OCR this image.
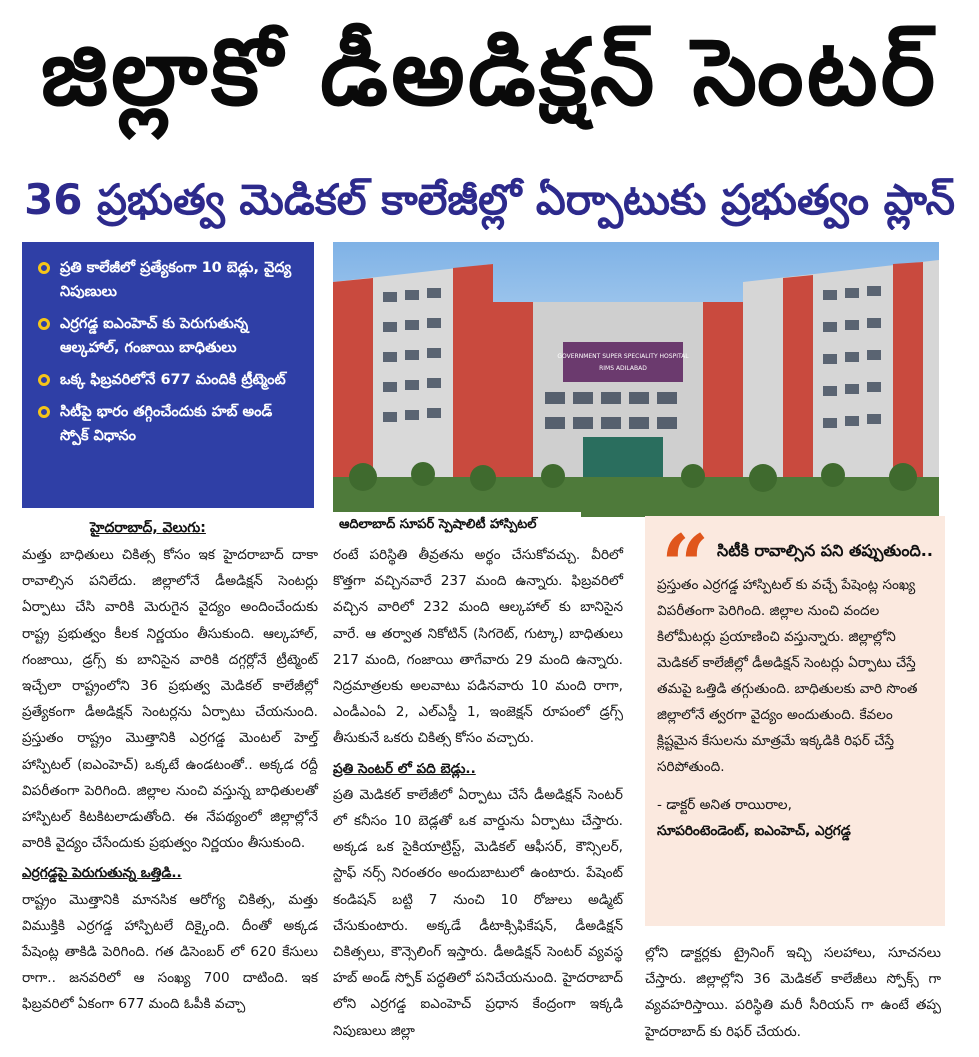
జిల్లాకో డీఅడిక్షన్ సెంటర్
36 ప్రభుత్వ మెడికల్ కాలేజీల్లో ఏర్పాటుకు ప్రభుత్వం ప్లాన్
ప్రతి కాలేజీలో ప్రత్యేకంగా 10 బెడ్లు, వైద్య నిపుణులు
ఎర్రగడ్డ ఐఎంహెచ్ కు పెరుగుతున్న ఆల్కహాల్, గంజాయి బాధితులు
ఒక్క ఫిబ్రవరిలోనే 677 మందికి ట్రీట్మెంట్
సిటీపై భారం తగ్గించేందుకు హబ్ అండ్ స్పోక్ విధానం
GOVERNMENT SUPER SPECIALITY HOSPITAL
RIMS ADILABAD
ఆదిలాబాద్ సూపర్ స్పెషాలిటీ హాస్పిటల్
హైదరాబాద్, వెలుగు:

మత్తు బాధితులు చికిత్స కోసం ఇక హైదరాబాద్ దాకా రావాల్సిన పనిలేదు. జిల్లాలోనే డీఅడిక్షన్ సెంటర్లు ఏర్పాటు చేసి వారికి మెరుగైన వైద్యం అందించేందుకు రాష్ట్ర ప్రభుత్వం కీలక నిర్ణయం తీసుకుంది. ఆల్కహాల్, గంజాయి, డ్రగ్స్ కు బానిసైన వారికి దగ్గర్లోనే ట్రీట్మెంట్ ఇచ్చేలా రాష్ట్రంలోని 36 ప్రభుత్వ మెడికల్ కాలేజీల్లో ప్రత్యేకంగా డీఅడిక్షన్ సెంటర్లను ఏర్పాటు చేయనుంది. ప్రస్తుతం రాష్ట్రం మొత్తానికి ఎర్రగడ్డ మెంటల్ హెల్త్ హాస్పిటల్ (ఐఎంహెచ్) ఒక్కటే ఉండటంతో.. అక్కడ రద్దీ విపరీతంగా పెరిగింది. జిల్లాల నుంచి వస్తున్న బాధితులతో హాస్పిటల్ కిటకిటలాడుతోంది. ఈ నేపథ్యంలో జిల్లాల్లోనే వారికి వైద్యం చేసేందుకు ప్రభుత్వం నిర్ణయం తీసుకుంది.

ఎర్రగడ్డపై పెరుగుతున్న ఒత్తిడి..

రాష్ట్రం మొత్తానికి మానసిక ఆరోగ్య చికిత్స, మత్తు విముక్తికి ఎర్రగడ్డ హాస్పిటలే దిక్కైంది. దీంతో అక్కడ పేషెంట్ల తాకిడి పెరిగింది. గత డిసెంబర్ లో 620 కేసులు రాగా.. జనవరిలో ఆ సంఖ్య 700 దాటింది. ఇక ఫిబ్రవరిలో ఏకంగా 677 మంది ఓపీకి వచ్చా

రంటే పరిస్థితి తీవ్రతను అర్థం చేసుకోవచ్చు. వీరిలో కొత్తగా వచ్చినవారే 237 మంది ఉన్నారు. ఫిబ్రవరిలో వచ్చిన వారిలో 232 మంది ఆల్కహాల్ కు బానిసైన వారే. ఆ తర్వాత నికోటిన్ (సిగరెట్, గుట్కా) బాధితులు 217 మంది, గంజాయి తాగేవారు 29 మంది ఉన్నారు. నిద్రమాత్రలకు అలవాటు పడినవారు 10 మంది రాగా, ఎండీఎంఏ 2, ఎల్ఎస్డీ 1, ఇంజెక్షన్ రూపంలో డ్రగ్స్ తీసుకునే ఒకరు చికిత్స కోసం వచ్చారు.

ప్రతి సెంటర్ లో పది బెడ్లు..

ప్రతి మెడికల్ కాలేజీలో ఏర్పాటు చేసే డీఅడిక్షన్ సెంటర్ లో కనీసం 10 బెడ్లతో ఒక వార్డును ఏర్పాటు చేస్తారు. అక్కడ ఒక సైకియాట్రిస్ట్, మెడికల్ ఆఫీసర్, కౌన్సిలర్, స్టాఫ్ నర్స్ నిరంతరం అందుబాటులో ఉంటారు. పేషెంట్ కండిషన్ బట్టి 7 నుంచి 10 రోజులు అడ్మిట్ చేసుకుంటారు. అక్కడే డీటాక్సిఫికేషన్, డీఅడిక్షన్ చికిత్సలు, కౌన్సెలింగ్ ఇస్తారు. డీఅడిక్షన్ సెంటర్ వ్యవస్థ హబ్ అండ్ స్పోక్ పద్ధతిలో పనిచేయనుంది. హైదరాబాద్ లోని ఎర్రగడ్డ ఐఎంహెచ్ ప్రధాన కేంద్రంగా ఇక్కడి నిపుణులు జిల్లా

“ సిటీకి రావాల్సిన పని తప్పుతుంది..
ప్రస్తుతం ఎర్రగడ్డ హాస్పిటల్ కు వచ్చే పేషెంట్ల సంఖ్య విపరీతంగా పెరిగింది. జిల్లాల నుంచి వందల కిలోమీటర్లు ప్రయాణించి వస్తున్నారు. జిల్లాల్లోని మెడికల్ కాలేజీల్లో డీఅడిక్షన్ సెంటర్లు ఏర్పాటు చేస్తే తమపై ఒత్తిడి తగ్గుతుంది. బాధితులకు వారి సొంత జిల్లాలోనే త్వరగా వైద్యం అందుతుంది. కేవలం క్లిష్టమైన కేసులను మాత్రమే ఇక్కడికి రిఫర్ చేస్తే సరిపోతుంది.
- డాక్టర్ అనిత రాయిరాల,
సూపరింటెండెంట్, ఐఎంహెచ్, ఎర్రగడ్డ

ల్లోని డాక్టర్లకు ట్రైనింగ్ ఇచ్చి సలహాలు, సూచనలు చేస్తారు. జిల్లాల్లోని 36 మెడికల్ కాలేజీలు స్పోక్స్ గా వ్యవహరిస్తాయి. పరిస్థితి మరీ సీరియస్ గా ఉంటే తప్ప హైదరాబాద్ కు రిఫర్ చేయరు.
